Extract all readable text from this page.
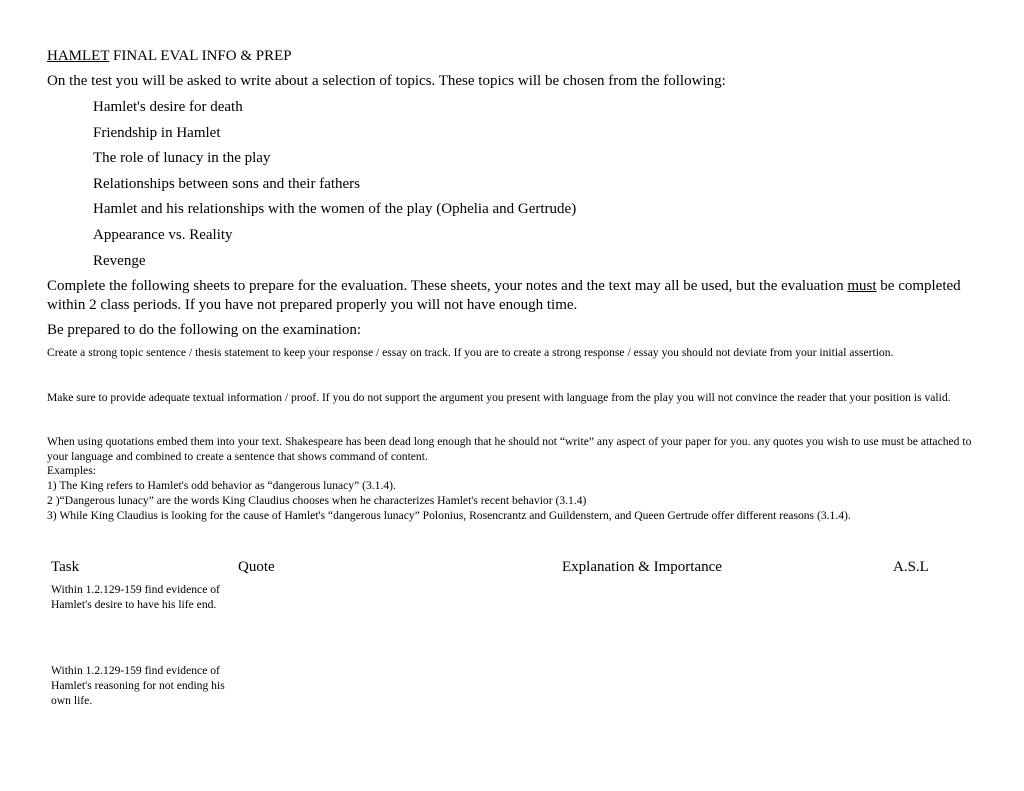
HAMLET FINAL EVAL INFO & PREP
On the test you will be asked to write about a selection of topics. These topics will be chosen from the following:
Hamlet's desire for death
Friendship in Hamlet
The role of lunacy in the play
Relationships between sons and their fathers
Hamlet and his relationships with the women of the play (Ophelia and Gertrude)
Appearance vs. Reality
Revenge
Complete the following sheets to prepare for the evaluation. These sheets, your notes and the text may all be used, but the evaluation must be completed within 2 class periods. If you have not prepared properly you will not have enough time.
Be prepared to do the following on the examination:
Create a strong topic sentence / thesis statement to keep your response / essay on track. If you are to create a strong response / essay you should not deviate from your initial assertion.
Make sure to provide adequate textual information / proof. If you do not support the argument you present with language from the play you will not convince the reader that your position is valid.
When using quotations embed them into your text. Shakespeare has been dead long enough that he should not “write” any aspect of your paper for you. any quotes you wish to use must be attached to your language and combined to create a sentence that shows command of content.
Examples:
1) The King refers to Hamlet's odd behavior as “dangerous lunacy” (3.1.4).
2 )“Dangerous lunacy” are the words King Claudius chooses when he characterizes Hamlet's recent behavior (3.1.4)
3) While King Claudius is looking for the cause of Hamlet's “dangerous lunacy” Polonius, Rosencrantz and Guildenstern, and Queen Gertrude offer different reasons (3.1.4).
Task	Quote	Explanation & Importance	A.S.L
Within 1.2.129-159 find evidence of Hamlet's desire to have his life end.
Within 1.2.129-159 find evidence of Hamlet's reasoning for not ending his own life.
